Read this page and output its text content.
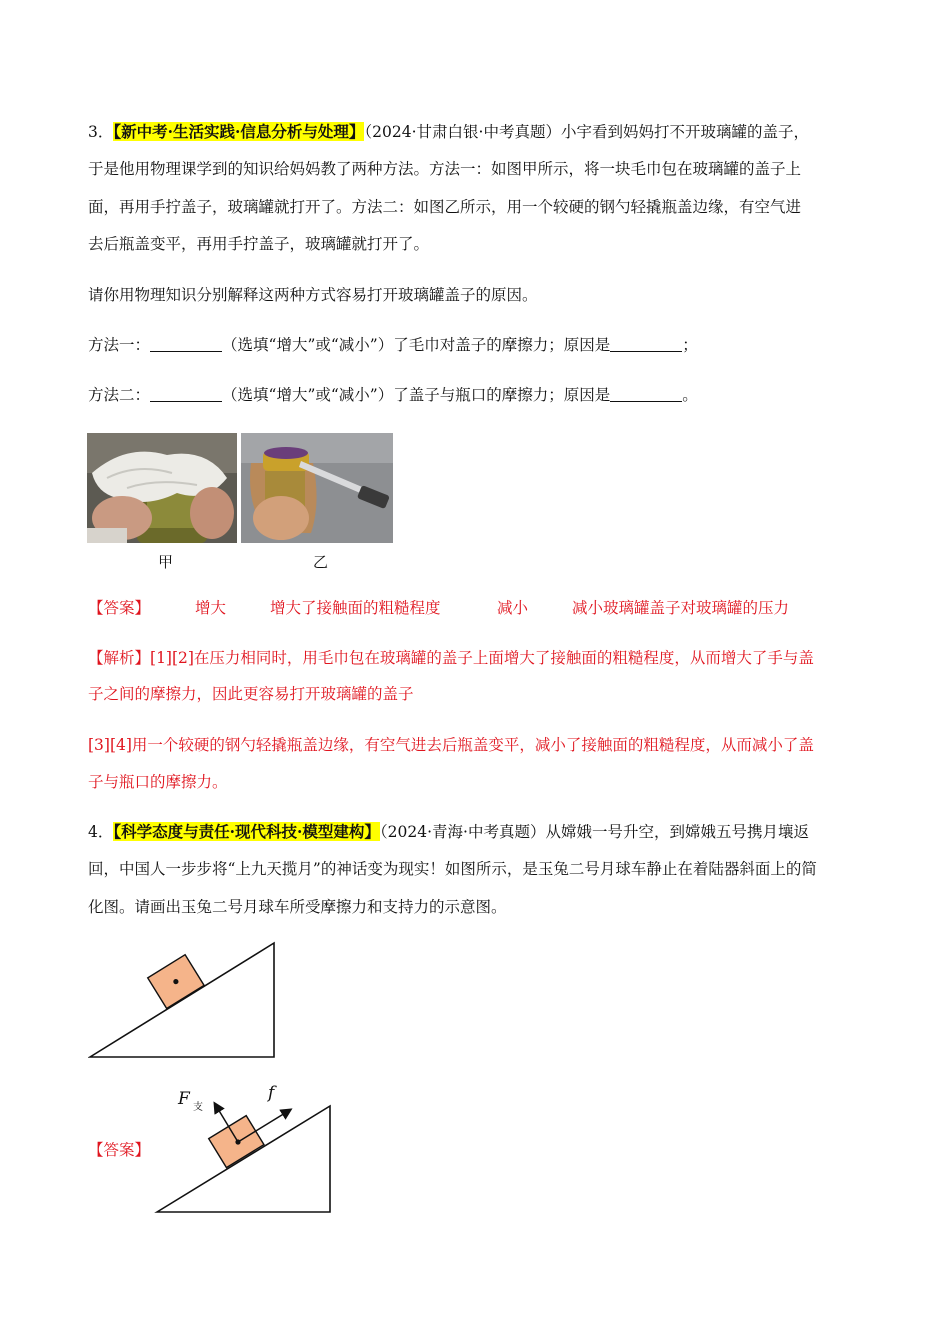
3．【新中考·生活实践·信息分析与处理】（2024·甘肃白银·中考真题）小宇看到妈妈打不开玻璃罐的盖子，
于是他用物理课学到的知识给妈妈教了两种方法。方法一：如图甲所示，将一块毛巾包在玻璃罐的盖子上
面，再用手拧盖子，玻璃罐就打开了。方法二：如图乙所示，用一个较硬的钢勺轻撬瓶盖边缘，有空气进
去后瓶盖变平，再用手拧盖子，玻璃罐就打开了。
请你用物理知识分别解释这两种方式容易打开玻璃罐盖子的原因。
方法一：	（选填“增大”或“减小”）了毛巾对盖子的摩擦力；原因是	；
方法二：	（选填“增大”或“减小”）了盖子与瓶口的摩擦力；原因是	。
甲	乙
【答案】	增大	增大了接触面的粗糙程度	减小	减小玻璃罐盖子对玻璃罐的压力
【解析】[1][2]在压力相同时，用毛巾包在玻璃罐的盖子上面增大了接触面的粗糙程度，从而增大了手与盖
子之间的摩擦力，因此更容易打开玻璃罐的盖子
[3][4]用一个较硬的钢勺轻撬瓶盖边缘，有空气进去后瓶盖变平，减小了接触面的粗糙程度，从而减小了盖
子与瓶口的摩擦力。
4．【科学态度与责任·现代科技·模型建构】（2024·青海·中考真题）从嫦娥一号升空，到嫦娥五号携月壤返
回，中国人一步步将“上九天揽月”的神话变为现实！如图所示，是玉兔二号月球车静止在着陆器斜面上的简
化图。请画出玉兔二号月球车所受摩擦力和支持力的示意图。
【答案】
F 支
f
